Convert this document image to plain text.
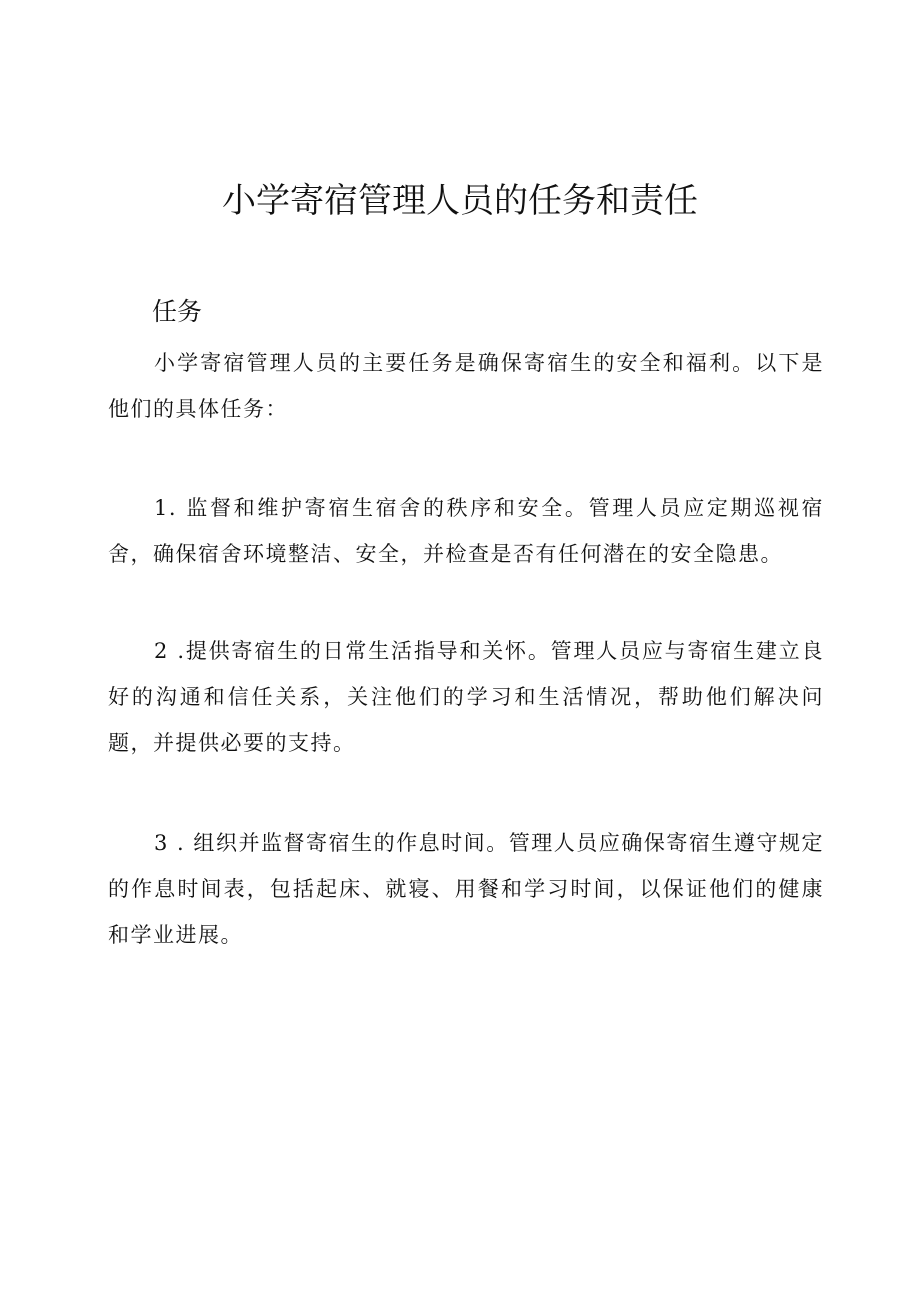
小学寄宿管理人员的任务和责任
任务

小学寄宿管理人员的主要任务是确保寄宿生的安全和福利。以下是他们的具体任务：

1. 监督和维护寄宿生宿舍的秩序和安全。管理人员应定期巡视宿舍，确保宿舍环境整洁、安全，并检查是否有任何潜在的安全隐患。

2 .提供寄宿生的日常生活指导和关怀。管理人员应与寄宿生建立良好的沟通和信任关系，关注他们的学习和生活情况，帮助他们解决问题，并提供必要的支持。

3 . 组织并监督寄宿生的作息时间。管理人员应确保寄宿生遵守规定的作息时间表，包括起床、就寝、用餐和学习时间，以保证他们的健康和学业进展。
